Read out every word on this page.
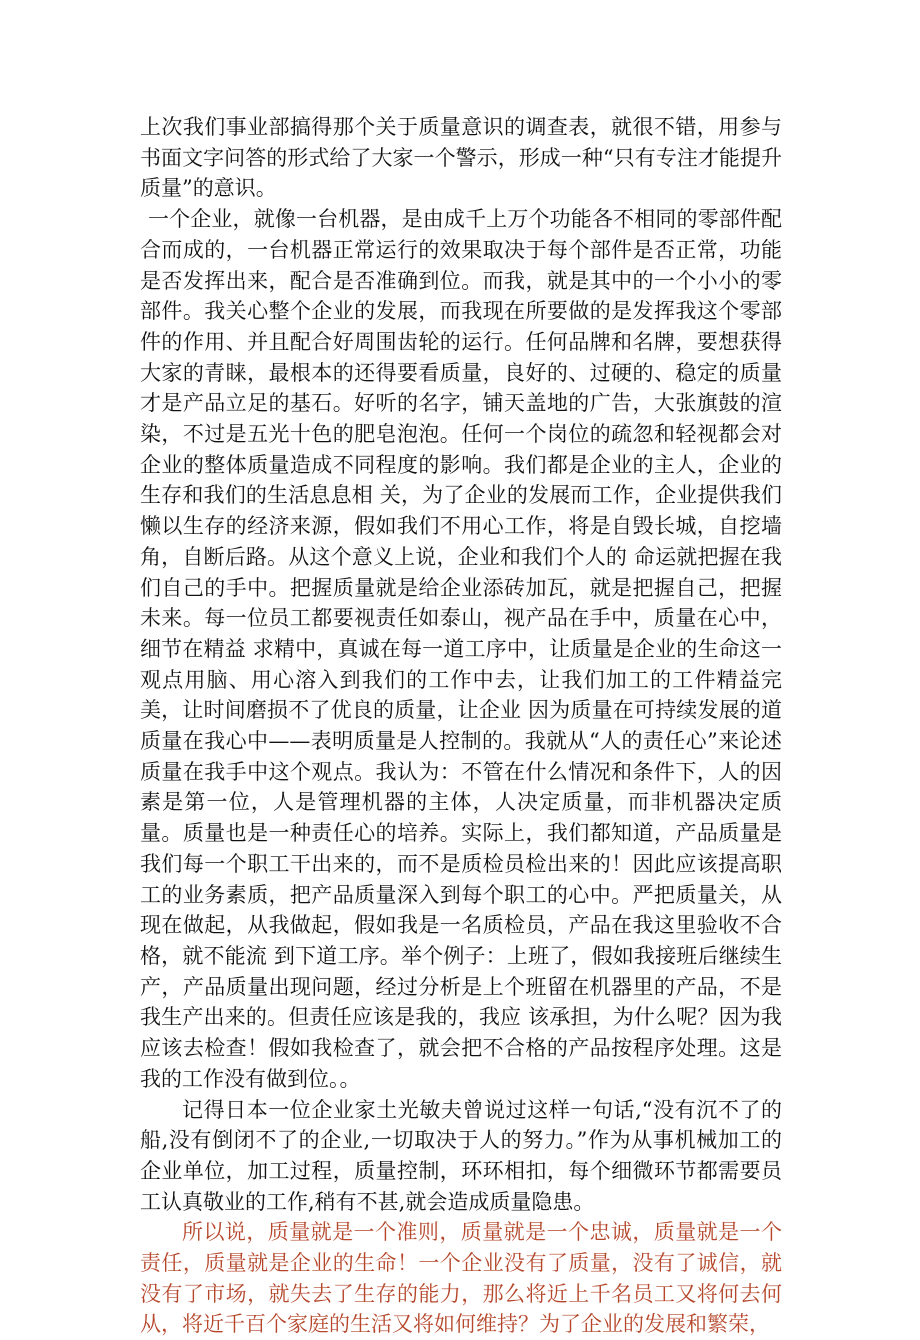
上次我们事业部搞得那个关于质量意识的调查表，就很不错，用参与书面文字问答的形式给了大家一个警示，形成一种“只有专注才能提升质量”的意识。

一个企业，就像一台机器，是由成千上万个功能各不相同的零部件配合而成的，一台机器正常运行的效果取决于每个部件是否正常，功能是否发挥出来，配合是否准确到位。而我，就是其中的一个小小的零部件。我关心整个企业的发展，而我现在所要做的是发挥我这个零部件的作用、并且配合好周围齿轮的运行。任何品牌和名牌，要想获得大家的青睐，最根本的还得要看质量，良好的、过硬的、稳定的质量才是产品立足的基石。好听的名字，铺天盖地的广告，大张旗鼓的渲 染，不过是五光十色的肥皂泡泡。任何一个岗位的疏忽和轻视都会对企业的整体质量造成不同程度的影响。我们都是企业的主人，企业的生存和我们的生活息息相 关，为了企业的发展而工作，企业提供我们懒以生存的经济来源，假如我们不用心工作，将是自毁长城，自挖墙角，自断后路。从这个意义上说，企业和我们个人的 命运就把握在我们自己的手中。把握质量就是给企业添砖加瓦，就是把握自己，把握未来。每一位员工都要视责任如泰山，视产品在手中，质量在心中，细节在精益 求精中，真诚在每一道工序中，让质量是企业的生命这一观点用脑、用心溶入到我们的工作中去，让我们加工的工件精益完美，让时间磨损不了优良的质量，让企业 因为质量在可持续发展的道质量在我心中——表明质量是人控制的。我就从“人的责任心”来论述质量在我手中这个观点。我认为：不管在什么情况和条件下，人的因素是第一位，人是管理机器的主体，人决定质量，而非机器决定质量。质量也是一种责任心的培养。实际上，我们都知道，产品质量是我们每一个职工干出来的，而不是质检员检出来的！因此应该提高职工的业务素质，把产品质量深入到每个职工的心中。严把质量关，从现在做起，从我做起，假如我是一名质检员，产品在我这里验收不合格，就不能流 到下道工序。举个例子：上班了，假如我接班后继续生产，产品质量出现问题，经过分析是上个班留在机器里的产品，不是我生产出来的。但责任应该是我的，我应 该承担，为什么呢？因为我应该去检查！假如我检查了，就会把不合格的产品按程序处理。这是我的工作没有做到位。。

记得日本一位企业家土光敏夫曾说过这样一句话,“没有沉不了的船,没有倒闭不了的企业,一切取决于人的努力。”作为从事机械加工的企业单位，加工过程，质量控制，环环相扣，每个细微环节都需要员工认真敬业的工作,稍有不甚,就会造成质量隐患。

所以说，质量就是一个准则，质量就是一个忠诚，质量就是一个责任，质量就是企业的生命！一个企业没有了质量，没有了诚信，就没有了市场，就失去了生存的能力，那么将近上千名员工又将何去何从，将近千百个家庭的生活又将如何维持？为了企业的发展和繁荣，
